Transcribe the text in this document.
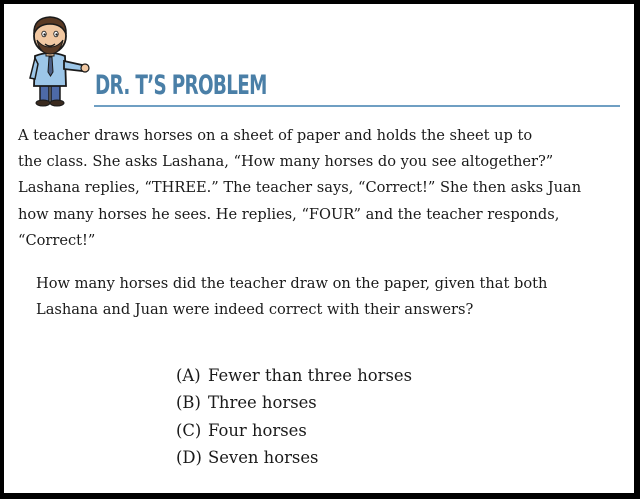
DR. T’S PROBLEM
A teacher draws horses on a sheet of paper and holds the sheet up to
the class. She asks Lashana, “How many horses do you see altogether?”
Lashana replies, “THREE.” The teacher says, “Correct!” She then asks Juan
how many horses he sees. He replies, “FOUR” and the teacher responds,
“Correct!”
How many horses did the teacher draw on the paper, given that both
Lashana and Juan were indeed correct with their answers?
(A) Fewer than three horses
(B) Three horses
(C) Four horses
(D) Seven horses
